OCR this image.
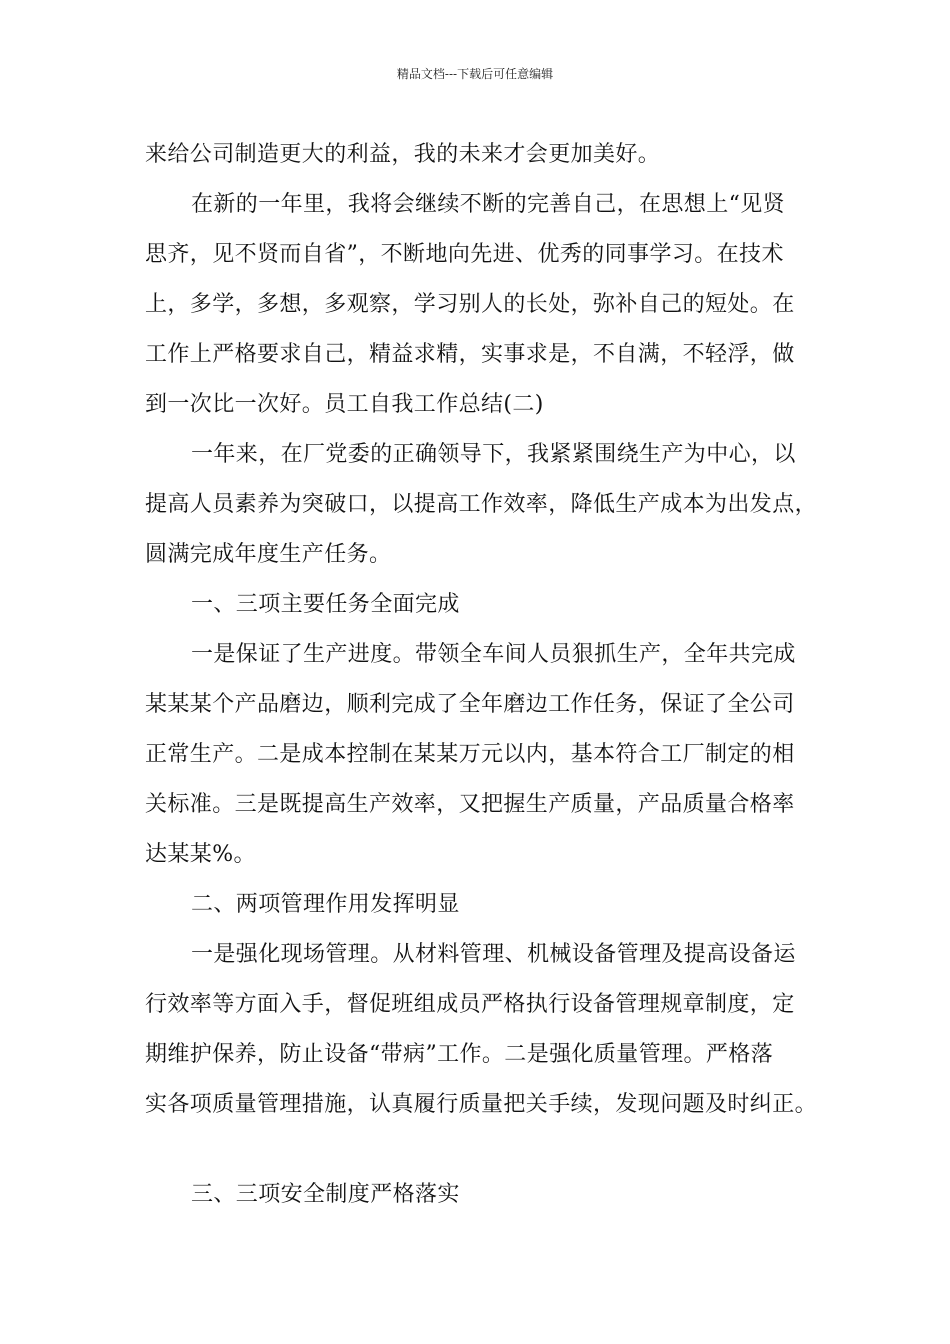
精品文档---下载后可任意编辑
来给公司制造更大的利益，我的未来才会更加美好。
在新的一年里，我将会继续不断的完善自己，在思想上“见贤
思齐，见不贤而自省”，不断地向先进、优秀的同事学习。在技术
上，多学，多想，多观察，学习别人的长处，弥补自己的短处。在
工作上严格要求自己，精益求精，实事求是，不自满，不轻浮，做
到一次比一次好。员工自我工作总结(二)
一年来，在厂党委的正确领导下，我紧紧围绕生产为中心，以
提高人员素养为突破口，以提高工作效率，降低生产成本为出发点，
圆满完成年度生产任务。
一、三项主要任务全面完成
一是保证了生产进度。带领全车间人员狠抓生产，全年共完成
某某某个产品磨边，顺利完成了全年磨边工作任务，保证了全公司
正常生产。二是成本控制在某某万元以内，基本符合工厂制定的相
关标准。三是既提高生产效率，又把握生产质量，产品质量合格率
达某某%。
二、两项管理作用发挥明显
一是强化现场管理。从材料管理、机械设备管理及提高设备运
行效率等方面入手，督促班组成员严格执行设备管理规章制度，定
期维护保养，防止设备“带病”工作。二是强化质量管理。严格落
实各项质量管理措施，认真履行质量把关手续，发现问题及时纠正。
三、三项安全制度严格落实
